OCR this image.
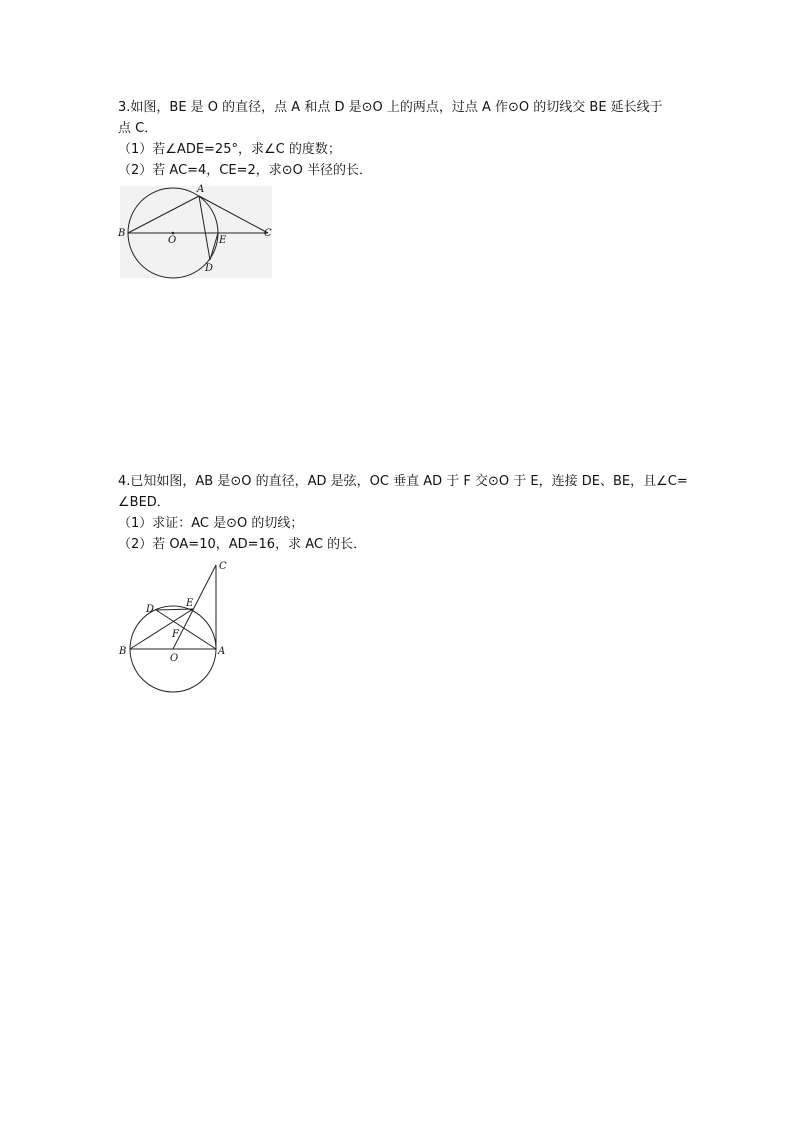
3.如图，BE 是 O 的直径，点 A 和点 D 是⊙O 上的两点，过点 A 作⊙O 的切线交 BE 延长线于
点 C．
（1）若∠ADE=25°，求∠C 的度数；
（2）若 AC=4，CE=2，求⊙O 半径的长．
A
B
O	E
C
D
4.已知如图，AB 是⊙O 的直径，AD 是弦，OC 垂直 AD 于 F 交⊙O 于 E，连接 DE、BE，且∠C=
∠BED．
（1）求证：AC 是⊙O 的切线；
（2）若 OA=10，AD=16，求 AC 的长．
C
D
E
F
B
O
A
